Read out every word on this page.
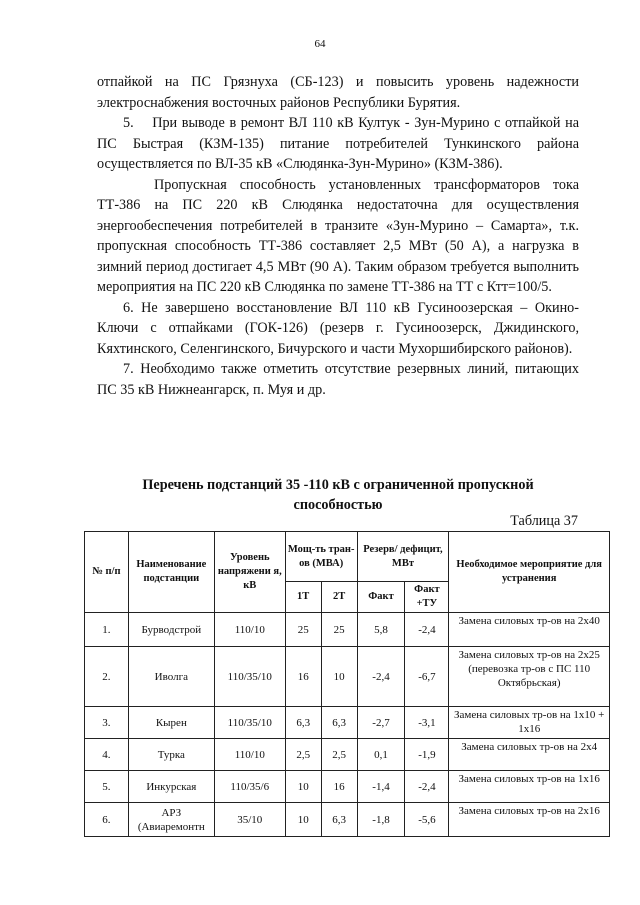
64

отпайкой на ПС Грязнуха (СБ-123) и повысить уровень надежности электроснабжения восточных районов Республики Бурятия.

5.    При выводе в ремонт ВЛ 110 кВ Култук - Зун-Мурино с отпайкой на ПС Быстрая (КЗМ-135) питание потребителей Тункинского района осуществляется по ВЛ-35 кВ «Слюдянка-Зун-Мурино» (КЗМ-386).

Пропускная способность установленных трансформаторов тока ТТ-386 на ПС 220 кВ Слюдянка недостаточна для осуществления энергообеспечения потребителей в транзите «Зун-Мурино – Самарта», т.к. пропускная способность ТТ-386 составляет 2,5 МВт (50 А), а нагрузка в зимний период достигает 4,5 МВт (90 А). Таким образом требуется выполнить мероприятия на ПС 220 кВ Слюдянка по замене ТТ-386 на ТТ с Ктт=100/5.

6. Не завершено восстановление ВЛ 110 кВ Гусиноозерская – Окино-Ключи с отпайками (ГОК-126) (резерв г. Гусиноозерск, Джидинского, Кяхтинского, Селенгинского, Бичурского и части Мухоршибирского районов).

7. Необходимо также отметить отсутствие резервных линий, питающих ПС 35 кВ Нижнеангарск, п. Муя и др.

Перечень подстанций 35 -110 кВ с ограниченной пропускной способностью
Таблица 37
№ п/п	Наименование подстанции	Уровень напряжени я, кВ	Мощ-ть тран-ов (МВА)		Резерв/ дефицит, МВт		Необходимое мероприятие для устранения
			1Т	2Т	Факт	Факт +ТУ	
1.	Бурводстрой	110/10	25	25	5,8	-2,4	Замена силовых тр-ов на 2х40
2.	Иволга	110/35/10	16	10	-2,4	-6,7	Замена силовых тр-ов на 2х25 (перевозка тр-ов с ПС 110 Октябрьская)
3.	Кырен	110/35/10	6,3	6,3	-2,7	-3,1	Замена силовых тр-ов на 1х10 + 1х16
4.	Турка	110/10	2,5	2,5	0,1	-1,9	Замена силовых тр-ов на 2х4
5.	Инкурская	110/35/6	10	16	-1,4	-2,4	Замена силовых тр-ов на 1х16
6.	АРЗ (Авиаремонтн	35/10	10	6,3	-1,8	-5,6	Замена силовых тр-ов на 2х16
